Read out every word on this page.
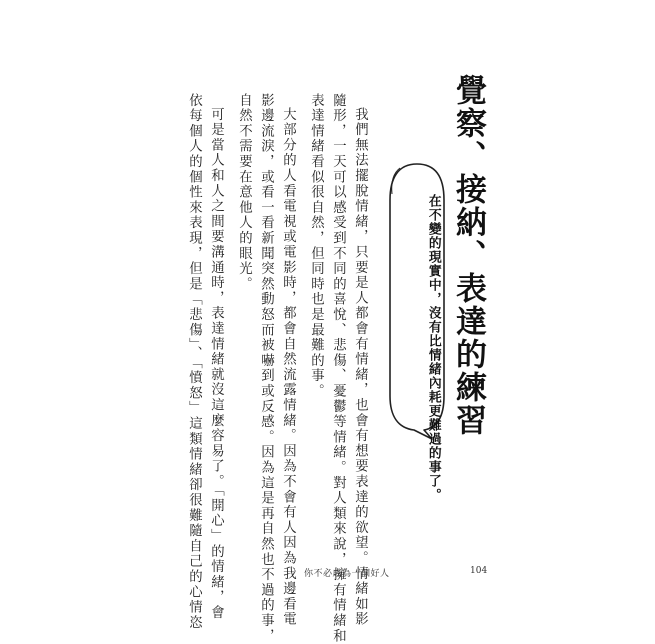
覺察、接納、表達的練習
在不變的現實中，沒有比情緒內耗更難過的事了。
我們無法擺脫情緒，只要是人都會有情緒，也會有想要表達的欲望。情緒如影
隨形，一天可以感受到不同的喜悅、悲傷、憂鬱等情緒。對人類來說，擁有情緒和
表達情緒看似很自然，但同時也是最難的事。
大部分的人看電視或電影時，都會自然流露情緒。因為不會有人因為我邊看電
影邊流淚，或看一看新聞突然動怒而被嚇到或反感。因為這是再自然也不過的事，
自然不需要在意他人的眼光。
可是當人和人之間要溝通時，表達情緒就沒這麼容易了。「開心」的情緒，會
依每個人的個性來表現，但是「悲傷」、「憤怒」這類情緒卻很難隨自己的心情恣	你不必成為一個好人	104
